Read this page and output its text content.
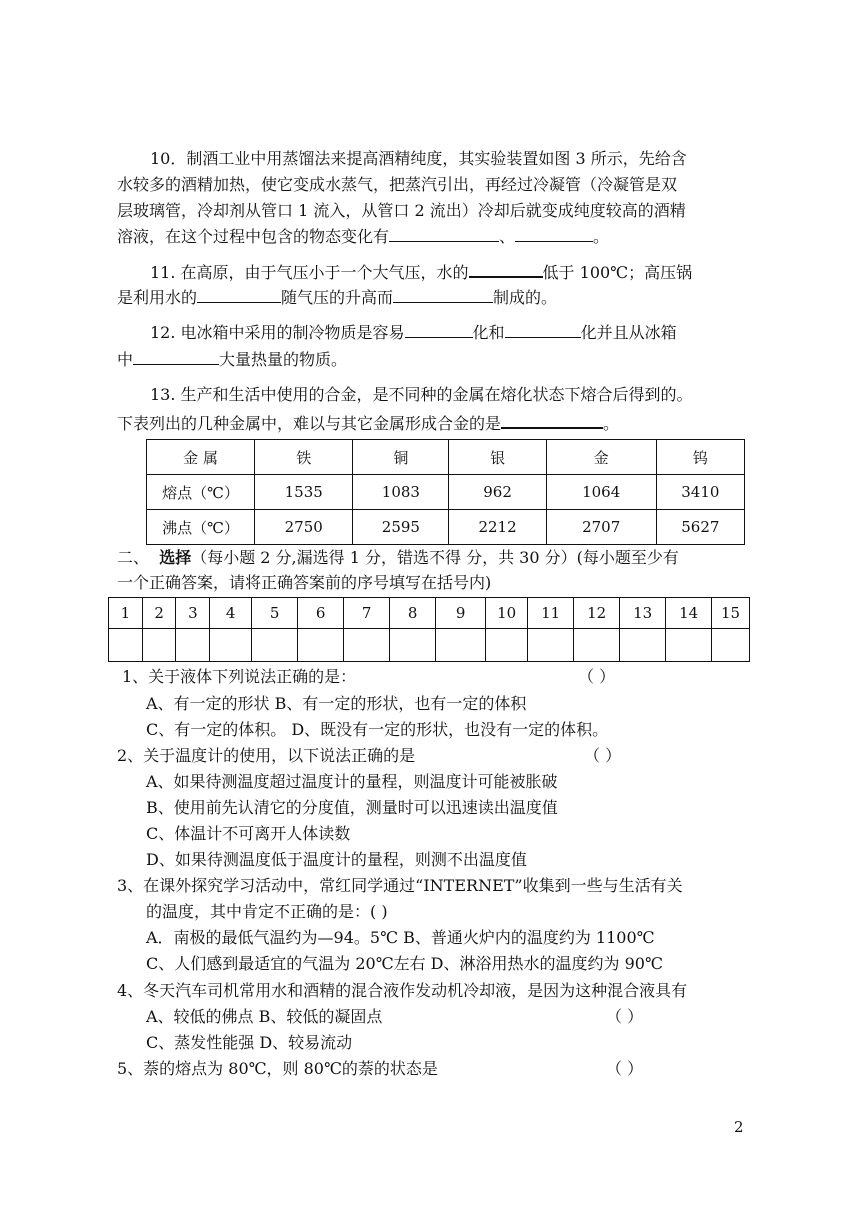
10．制酒工业中用蒸馏法来提高酒精纯度，其实验装置如图 3 所示，先给含
水较多的酒精加热，使它变成水蒸气，把蒸汽引出，再经过冷凝管（冷凝管是双
层玻璃管，冷却剂从管口 1 流入，从管口 2 流出）冷却后就变成纯度较高的酒精
溶液，在这个过程中包含的物态变化有	、	。
11. 在高原，由于气压小于一个大气压，水的	低于 100℃；高压锅
是利用水的	随气压的升高而	制成的。
12. 电冰箱中采用的制冷物质是容易	化和	化并且从冰箱
中	大量热量的物质。
13. 生产和生活中使用的合金，是不同种的金属在熔化状态下熔合后得到的。
下表列出的几种金属中，难以与其它金属形成合金的是	。
金 属	铁	铜	银	金	钨
熔点（℃）	1535	1083	962	1064	3410
沸点（℃）	2750	2595	2212	2707	5627
二、 选择（每小题 2 分,漏选得 1 分，错选不得 分，共 30 分）(每小题至少有
一个正确答案，请将正确答案前的序号填写在括号内)
1	2	3	4	5	6	7	8	9	10	11	12	13	14	15

1、关于液体下列说法正确的是：	（ ）
A、有一定的形状 B、有一定的形状，也有一定的体积
C、有一定的体积。 D、既没有一定的形状，也没有一定的体积。
2、关于温度计的使用，以下说法正确的是	（ ）
A、如果待测温度超过温度计的量程，则温度计可能被胀破
B、使用前先认清它的分度值，测量时可以迅速读出温度值
C、体温计不可离开人体读数
D、如果待测温度低于温度计的量程，则测不出温度值
3、在课外探究学习活动中，常红同学通过“INTERNET”收集到一些与生活有关
的温度，其中肯定不正确的是：( )
A．南极的最低气温约为—94。5℃ B、普通火炉内的温度约为 1100℃
C、人们感到最适宜的气温为 20℃左右 D、淋浴用热水的温度约为 90℃
4、冬天汽车司机常用水和酒精的混合液作发动机冷却液，是因为这种混合液具有
A、较低的佛点 B、较低的凝固点	（ ）
C、蒸发性能强 D、较易流动
5、萘的熔点为 80℃，则 80℃的萘的状态是	（ ）
2
